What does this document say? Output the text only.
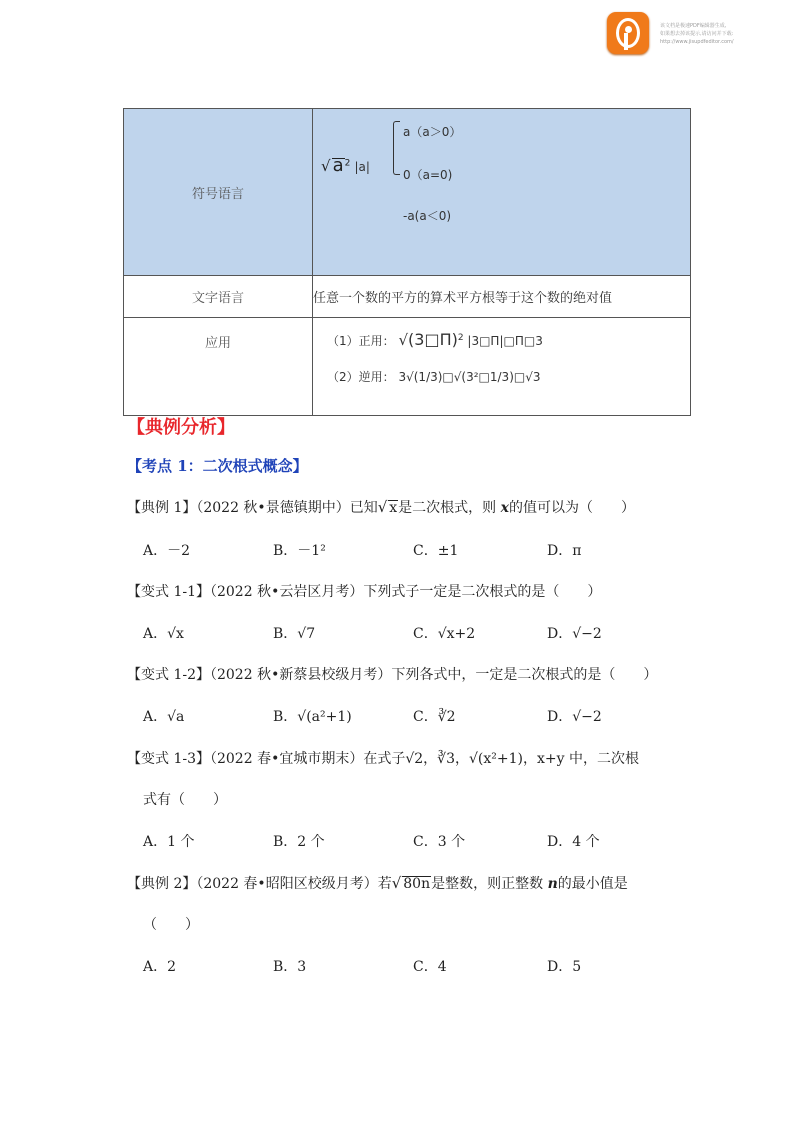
该文档是极速PDF编辑器生成,
如果想去掉该提示,请访问并下载:
http://www.jisupdfeditor.com/
符号语言	√ $a^2$ |a|
a（a＞0）
0（a=0)
-a(a＜0)

文字语言	任意一个数的平方的算术平方根等于这个数的绝对值
应用	（1）正用： √(3□Π)$^2$ |3□Π|□Π□3
（2）逆用： 3√(1/3)□√(3²□1/3)□√3
【典例分析】
【考点 1：二次根式概念】
【典例 1】（2022 秋•景德镇期中）已知√ x是二次根式，则 x的值可以为（　　）
A．－2	B．－1²	C．±1	D．π
【变式 1-1】（2022 秋•云岩区月考）下列式子一定是二次根式的是（　　）
A．√x	B．√7	C．√x+2	D．√−2
【变式 1-2】（2022 秋•新蔡县校级月考）下列各式中，一定是二次根式的是（　　）
A．√a	B．√(a²+1)	C．∛2	D．√−2
【变式 1-3】（2022 春•宜城市期末）在式子√2，∛3，√(x²+1)，x+y 中，二次根
式有（　　）
A．1 个	B．2 个	C．3 个	D．4 个
【典例 2】（2022 春•昭阳区校级月考）若√ 80n是整数，则正整数 n的最小值是
（　　）
A．2	B．3	C．4	D．5
